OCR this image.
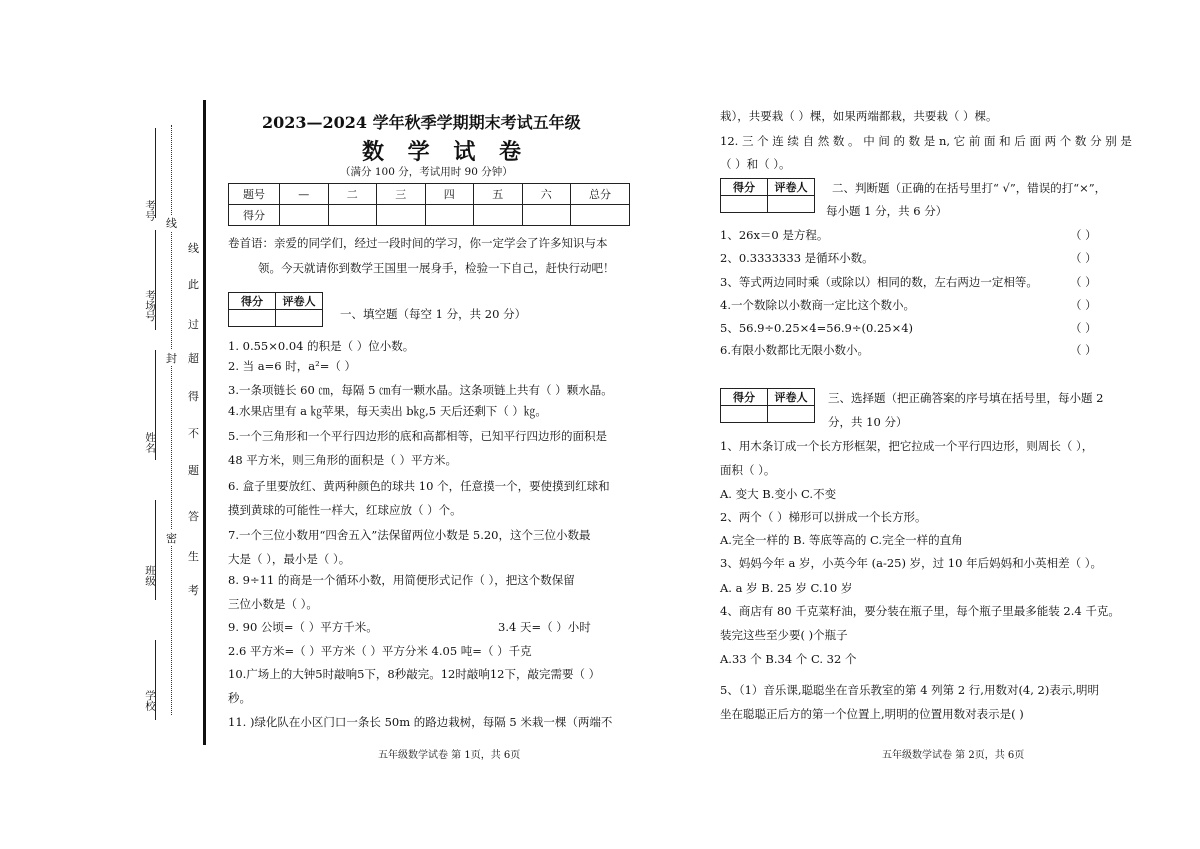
学校
班级
姓名
考场号
考号
密
封
线
考
生
答
题
不
得
超
过
此
线
2023—2024 学年秋季学期期末考试五年级
数 学 试 卷
（满分 100 分，考试用时 90 分钟）
题号	—	二	三	四	五	六	总分
得分							
卷首语：亲爱的同学们，经过一段时间的学习，你一定学会了许多知识与本
领。今天就请你到数学王国里一展身手，检验一下自己，赶快行动吧！
得分	评卷人

一、填空题（每空 1 分，共 20 分）
1. 0.55×0.04 的积是（ ）位小数。
2. 当 a=6 时，a²=（ ）
3.一条项链长 60 ㎝，每隔 5 ㎝有一颗水晶。这条项链上共有（ ）颗水晶。
4.水果店里有 a ㎏苹果，每天卖出 b㎏,5 天后还剩下（ ）㎏。
5.一个三角形和一个平行四边形的底和高都相等，已知平行四边形的面积是
48 平方米，则三角形的面积是（ ）平方米。
6. 盒子里要放红、黄两种颜色的球共 10 个，任意摸一个，要使摸到红球和
摸到黄球的可能性一样大，红球应放（ ）个。
7.一个三位小数用“四舍五入”法保留两位小数是 5.20，这个三位小数最
大是（ ），最小是（ ）。
8. 9÷11 的商是一个循环小数，用简便形式记作（ ），把这个数保留
三位小数是（ ）。
9. 90 公顷=（ ）平方千米。	3.4 天=（ ）小时
2.6 平方米=（ ）平方米（ ）平方分米 4.05 吨=（ ）千克
10.广场上的大钟5时敲响5下，8秒敲完。12时敲响12下，敲完需要（ ）
秒。
11. )绿化队在小区门口一条长 50m 的路边栽树，每隔 5 米栽一棵（两端不
五年级数学试卷 第 1页，共 6页
栽），共要栽（ ）棵，如果两端都栽，共要栽（ ）棵。
12. 三 个 连 续 自 然 数 。 中 间 的 数 是 n, 它 前 面 和 后 面 两 个 数 分 别 是
（ ）和（ ）。
得分	评卷人
	二、判断题（正确的在括号里打“ √”，错误的打“×”，
每小题 1 分，共 6 分）
1、26x＝0 是方程。	（ ）
2、0.3333333 是循环小数。	（ ）
3、等式两边同时乘（或除以）相同的数，左右两边一定相等。	（ ）
4.一个数除以小数商一定比这个数小。	（ ）
5、56.9÷0.25×4=56.9÷(0.25×4)	（ ）
6.有限小数都比无限小数小。	（ ）
得分	评卷人
	三、选择题（把正确答案的序号填在括号里，每小题 2
分，共 10 分）
1、用木条订成一个长方形框架，把它拉成一个平行四边形，则周长（ ），
面积（ ）。
A. 变大 B.变小 C.不变
2、两个（ ）梯形可以拼成一个长方形。
A.完全一样的 B. 等底等高的 C.完全一样的直角
3、妈妈今年 a 岁，小英今年 (a-25) 岁，过 10 年后妈妈和小英相差（ ）。
A. a 岁 B. 25 岁 C.10 岁
4、商店有 80 千克菜籽油，要分装在瓶子里，每个瓶子里最多能装 2.4 千克。
装完这些至少要( )个瓶子
A.33 个 B.34 个 C. 32 个
5、（1）音乐课,聪聪坐在音乐教室的第 4 列第 2 行,用数对(4, 2)表示,明明
坐在聪聪正后方的第一个位置上,明明的位置用数对表示是( )
五年级数学试卷 第 2页，共 6页
